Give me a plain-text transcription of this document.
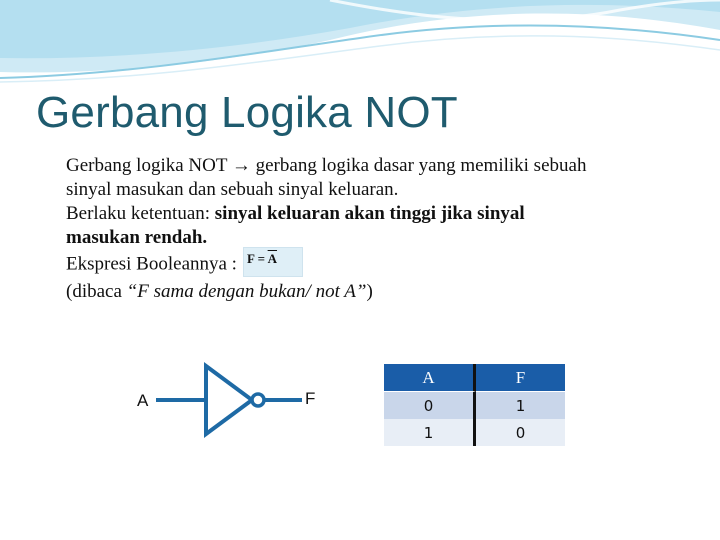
Gerbang Logika NOT
Gerbang logika NOT → gerbang logika dasar yang memiliki sebuah
sinyal masukan dan sebuah sinyal keluaran.
Berlaku ketentuan: sinyal keluaran akan tinggi jika sinyal
masukan rendah.
Ekspresi Booleannya : $F = \overline{A}$
(dibaca “F sama dengan bukan/ not A”)
A	F
A	F
0	1
1	0
